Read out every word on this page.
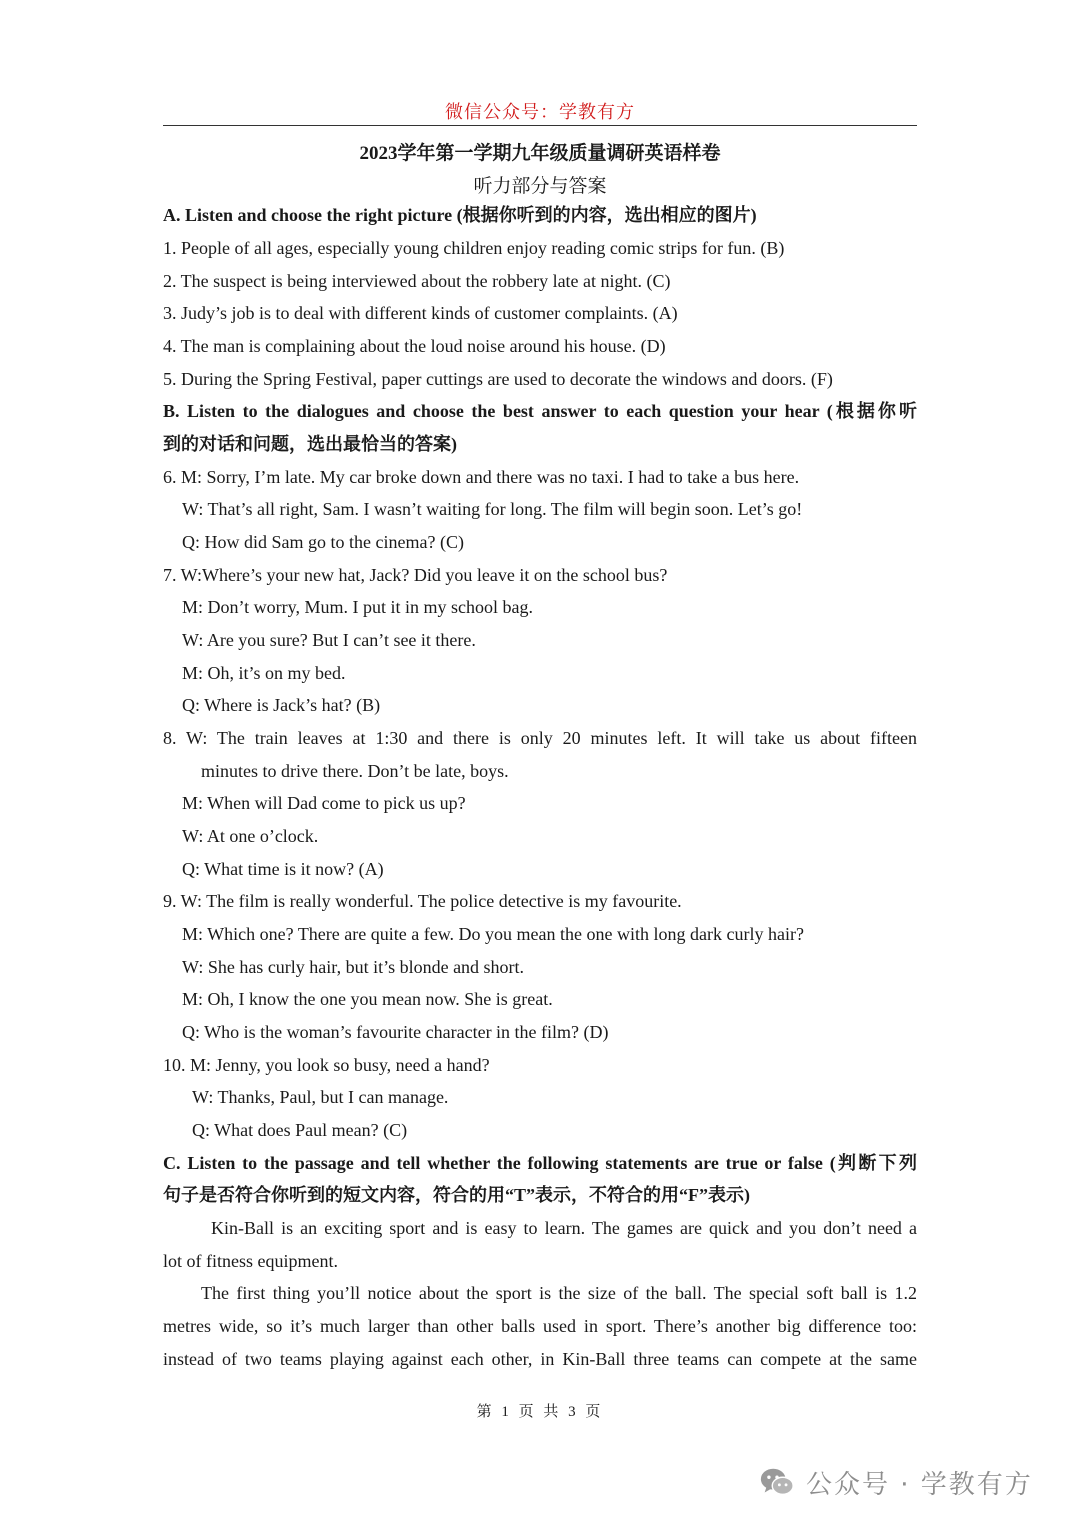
微信公众号：学教有方
2023学年第一学期九年级质量调研英语样卷
听力部分与答案
A. Listen and choose the right picture (根据你听到的内容，选出相应的图片)
1. People of all ages, especially young children enjoy reading comic strips for fun. (B)
2. The suspect is being interviewed about the robbery late at night. (C)
3. Judy’s job is to deal with different kinds of customer complaints. (A)
4. The man is complaining about the loud noise around his house. (D)
5. During the Spring Festival, paper cuttings are used to decorate the windows and doors. (F)
B. Listen to the dialogues and choose the best answer to each question your hear (根据你听
到的对话和问题，选出最恰当的答案)
6. M: Sorry, I’m late. My car broke down and there was no taxi. I had to take a bus here.
W: That’s all right, Sam. I wasn’t waiting for long. The film will begin soon. Let’s go!
Q: How did Sam go to the cinema? (C)
7. W:Where’s your new hat, Jack? Did you leave it on the school bus?
M: Don’t worry, Mum. I put it in my school bag.
W: Are you sure? But I can’t see it there.
M: Oh, it’s on my bed.
Q: Where is Jack’s hat? (B)
8. W: The train leaves at 1:30 and there is only 20 minutes left. It will take us about fifteen
minutes to drive there. Don’t be late, boys.
M: When will Dad come to pick us up?
W: At one o’clock.
Q: What time is it now? (A)
9. W: The film is really wonderful. The police detective is my favourite.
M: Which one? There are quite a few. Do you mean the one with long dark curly hair?
W: She has curly hair, but it’s blonde and short.
M: Oh, I know the one you mean now. She is great.
Q: Who is the woman’s favourite character in the film? (D)
10. M: Jenny, you look so busy, need a hand?
W: Thanks, Paul, but I can manage.
Q: What does Paul mean? (C)
C. Listen to the passage and tell whether the following statements are true or false (判断下列
句子是否符合你听到的短文内容，符合的用“T”表示，不符合的用“F”表示)
Kin-Ball is an exciting sport and is easy to learn. The games are quick and you don’t need a
lot of fitness equipment.
The first thing you’ll notice about the sport is the size of the ball. The special soft ball is 1.2
metres wide, so it’s much larger than other balls used in sport. There’s another big difference too:
instead of two teams playing against each other, in Kin-Ball three teams can compete at the same
第 1 页 共 3 页
公众号 · 学教有方
